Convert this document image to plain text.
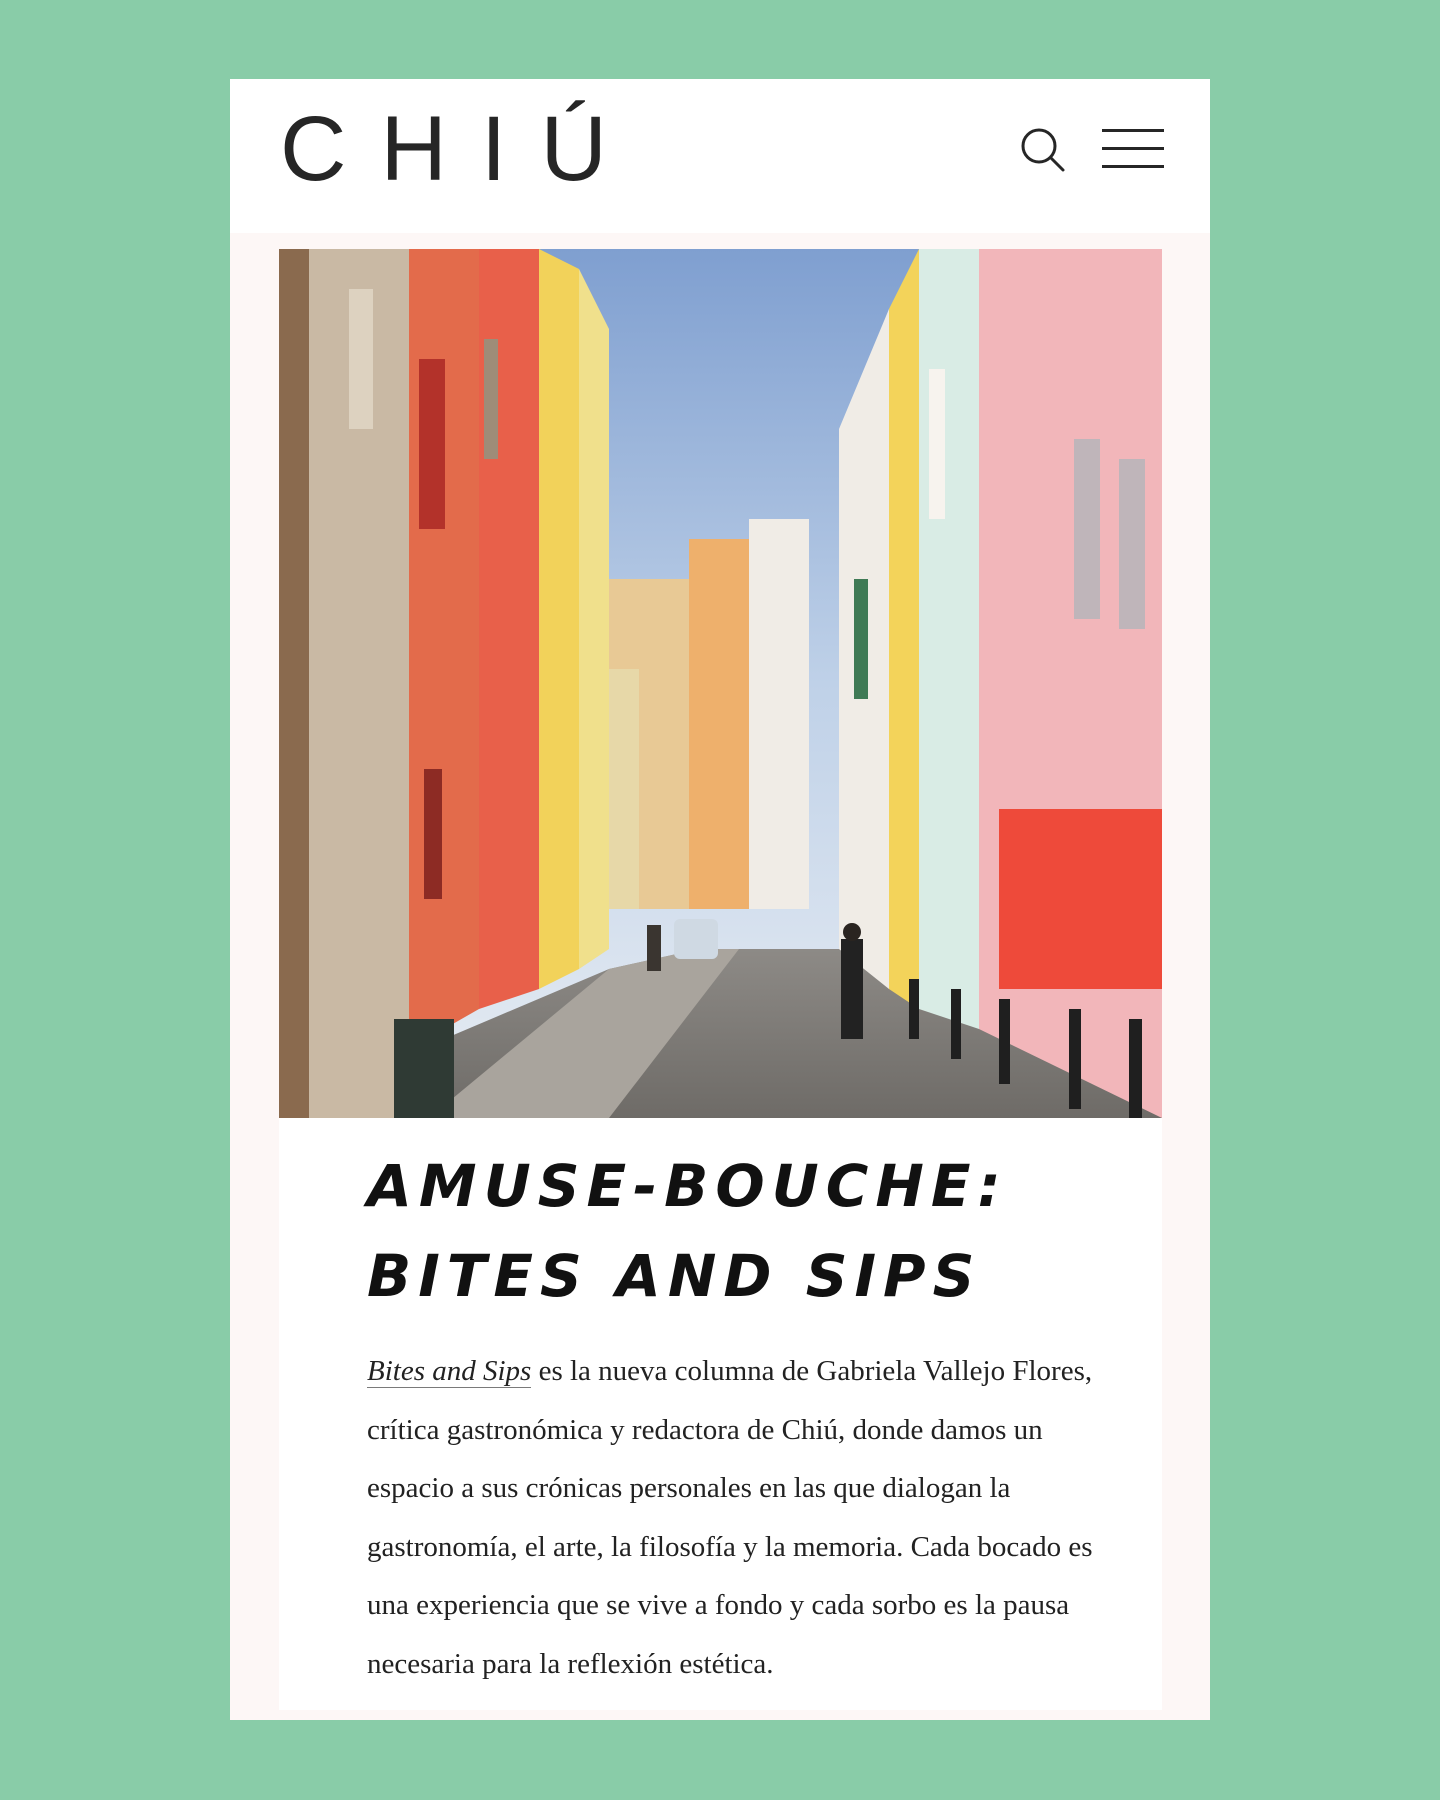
CHIÚ
AMUSE-BOUCHE:
BITES AND SIPS

Bites and Sips es la nueva columna de Gabriela Vallejo Flores, crítica gastronómica y redactora de Chiú, donde damos un espacio a sus crónicas personales en las que dialogan la gastronomía, el arte, la filosofía y la memoria. Cada bocado es una experiencia que se vive a fondo y cada sorbo es la pausa necesaria para la reflexión estética.
